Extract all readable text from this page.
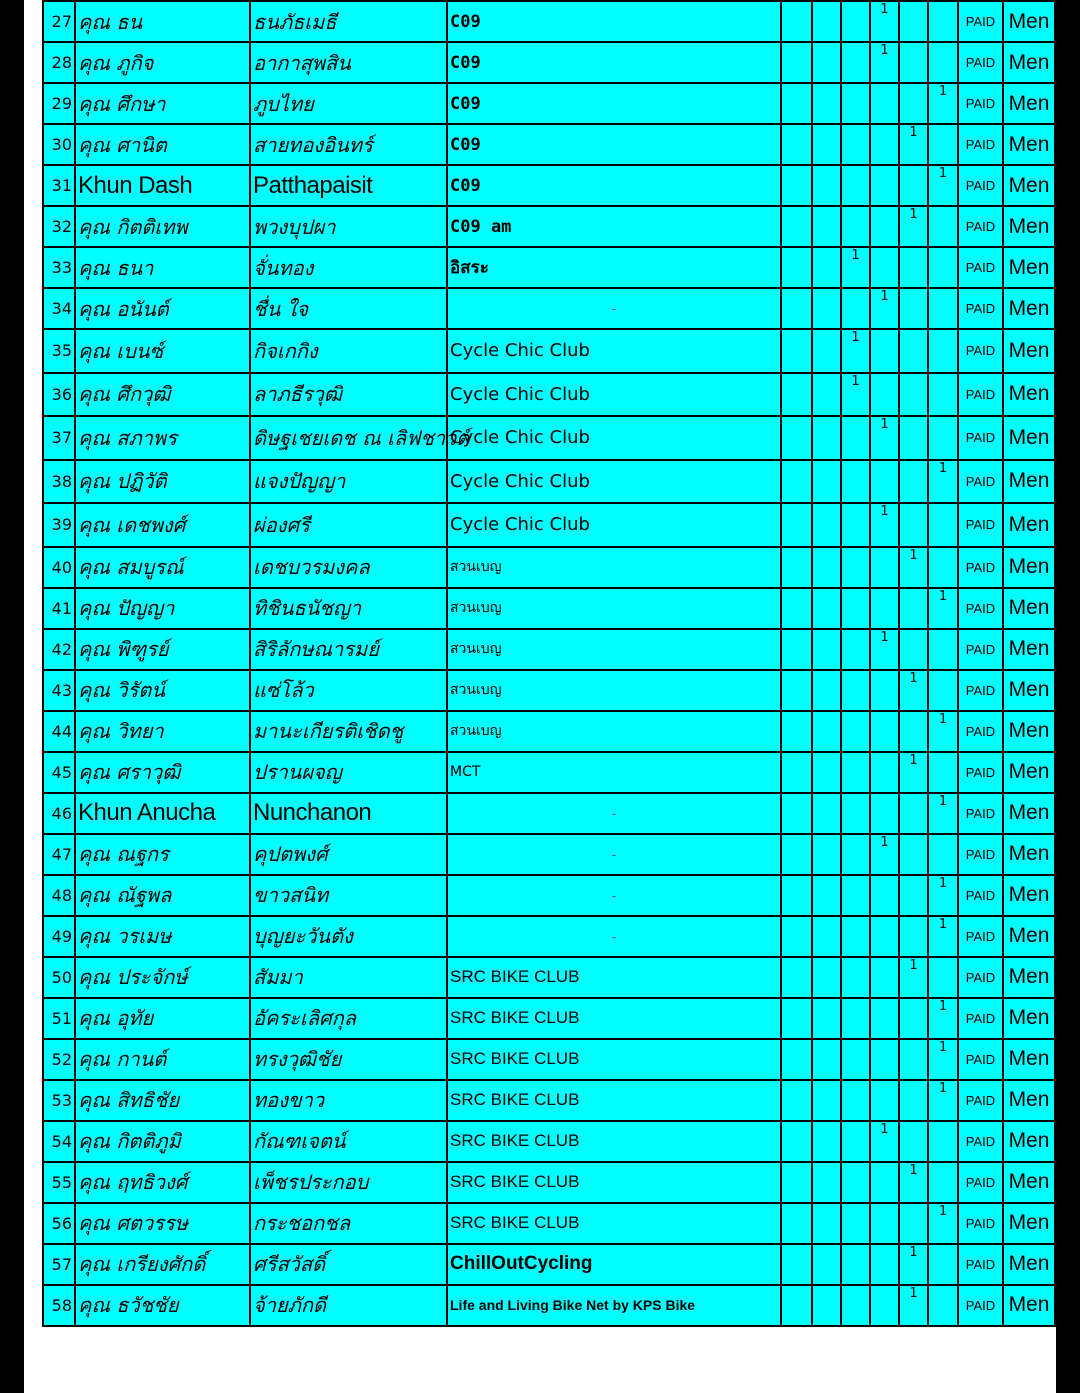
27	คุณ ธน	ธนภัธเมธี	C09				1			PAID	Men
28	คุณ ภูกิจ	อากาสุพสิน	C09				1			PAID	Men
29	คุณ ศึกษา	ภูบไทย	C09						1	PAID	Men
30	คุณ ศานิต	สายทองอินทร์	C09					1		PAID	Men
31	Khun Dash	Patthapaisit	C09						1	PAID	Men
32	คุณ กิตติเทพ	พวงบุปผา	C09 am					1		PAID	Men
33	คุณ ธนา	จั่นทอง	อิสระ			1				PAID	Men
34	คุณ อนันต์	ชื่น ใจ	-				1			PAID	Men
35	คุณ เบนซ์	กิจเกกิง	Cycle Chic Club			1				PAID	Men
36	คุณ ศึกวุฒิ	ลาภธีรวุฒิ	Cycle Chic Club			1				PAID	Men
37	คุณ สภาพร	ดิษฐเชยเดช ณ เลิฟชาวด์	Cycle Chic Club				1			PAID	Men
38	คุณ ปฏิวัติ	แจงปัญญา	Cycle Chic Club						1	PAID	Men
39	คุณ เดชพงศ์	ผ่องศรี	Cycle Chic Club				1			PAID	Men
40	คุณ สมบูรณ์	เดชบวรมงคล	สวนเบญ					1		PAID	Men
41	คุณ ปัญญา	ทิชินธนัชญา	สวนเบญ						1	PAID	Men
42	คุณ พิฑูรย์	สิริลักษณารมย์	สวนเบญ				1			PAID	Men
43	คุณ วิรัตน์	แซ่โล้ว	สวนเบญ					1		PAID	Men
44	คุณ วิทยา	มานะเกียรติเชิดชู	สวนเบญ						1	PAID	Men
45	คุณ ศราวุฒิ	ปรานผจญ	MCT					1		PAID	Men
46	Khun Anucha	Nunchanon	-						1	PAID	Men
47	คุณ ณฐกร	คุปตพงศ์	-				1			PAID	Men
48	คุณ ณัฐพล	ขาวสนิท	-						1	PAID	Men
49	คุณ วรเมษ	บุญยะวันตัง	-						1	PAID	Men
50	คุณ ประจักษ์	สัมมา	SRC BIKE CLUB					1		PAID	Men
51	คุณ อุทัย	อัคระเลิศกุล	SRC BIKE CLUB						1	PAID	Men
52	คุณ กานต์	ทรงวุฒิชัย	SRC BIKE CLUB						1	PAID	Men
53	คุณ สิทธิชัย	ทองขาว	SRC BIKE CLUB						1	PAID	Men
54	คุณ กิตติภูมิ	กัณฑเจตน์	SRC BIKE CLUB				1			PAID	Men
55	คุณ ฤทธิวงศ์	เพ็ชรประกอบ	SRC BIKE CLUB					1		PAID	Men
56	คุณ ศตวรรษ	กระชอกชล	SRC BIKE CLUB						1	PAID	Men
57	คุณ เกรียงศักดิ์	ศรีสวัสดิ์	ChillOutCycling					1		PAID	Men
58	คุณ ธวัชชัย	จ้ายภักดี	Life and Living Bike Net by KPS Bike					1		PAID	Men
